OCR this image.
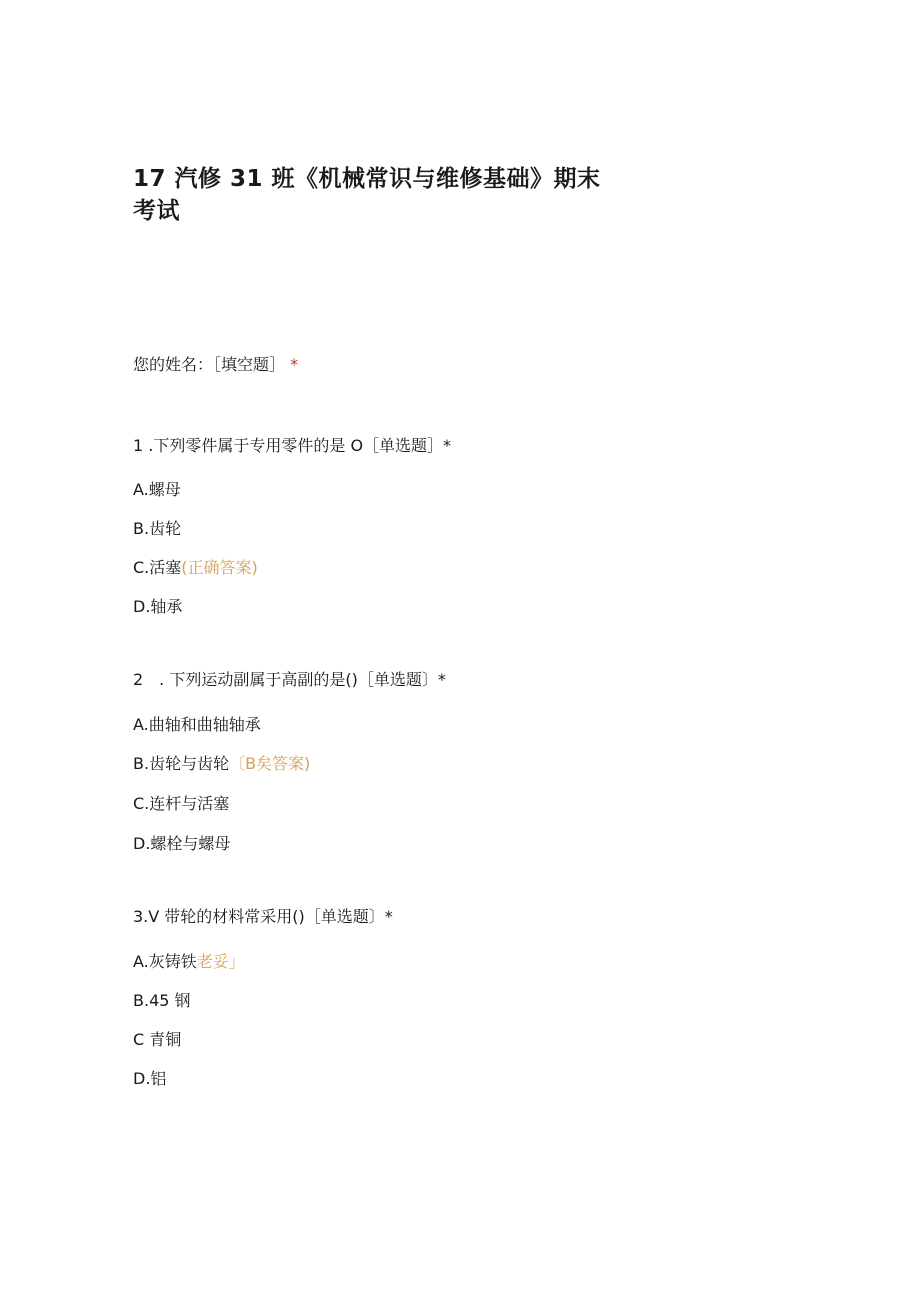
17 汽修 31 班《机械常识与维修基础》期末考试

您的姓名：［填空题］ *

1 .下列零件属于专用零件的是 O［单选题］*

A.螺母

B.齿轮

C.活塞(正确答案)

D.轴承

2　. 下列运动副属于高副的是()［单选题〕*

A.曲轴和曲轴轴承

B.齿轮与齿轮〔B矣答案)

C.连杆与活塞

D.螺栓与螺母

3.V 带轮的材料常采用()［单选题〕*

A.灰铸铁老妥」

B.45 钢

C 青铜

D.铝
